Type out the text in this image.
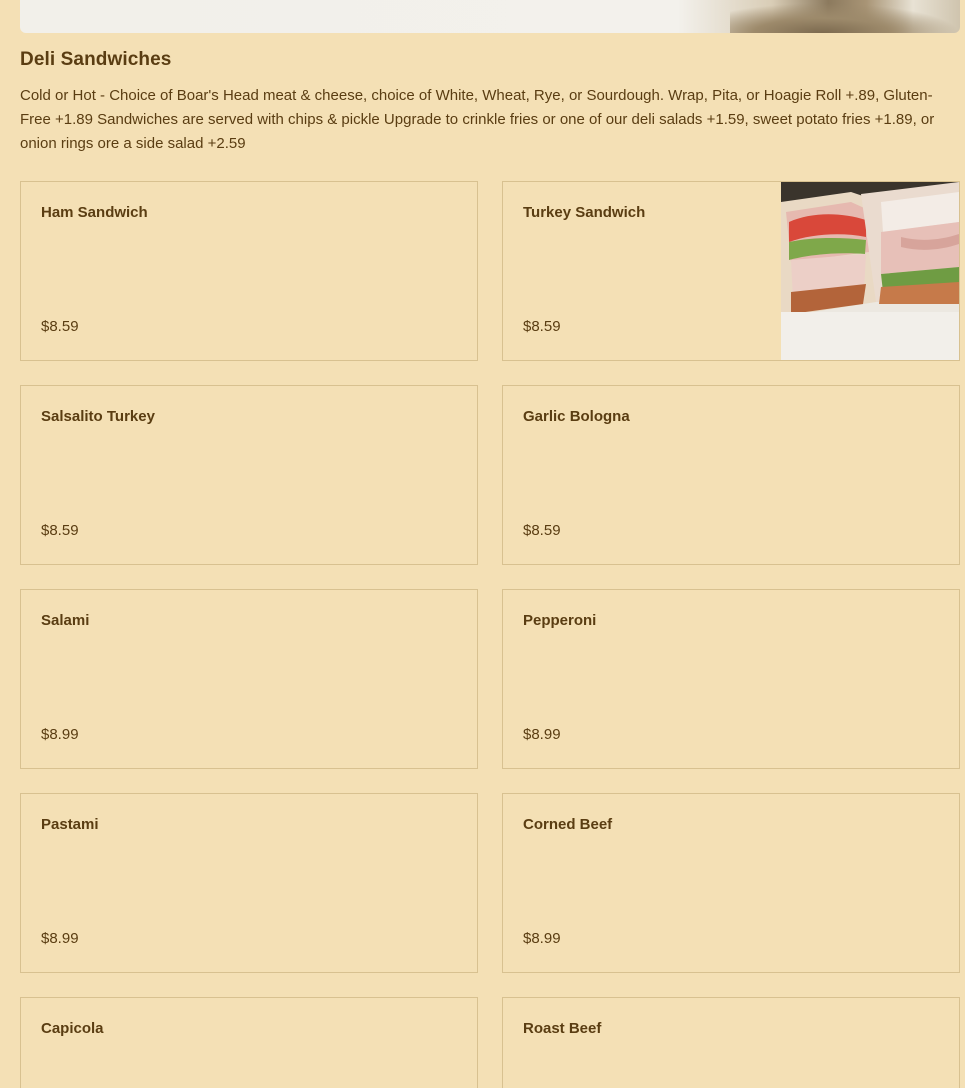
Deli Sandwiches

Cold or Hot - Choice of Boar's Head meat & cheese, choice of White, Wheat, Rye, or Sourdough. Wrap, Pita, or Hoagie Roll +.89, Gluten-Free +1.89 Sandwiches are served with chips & pickle Upgrade to crinkle fries or one of our deli salads +1.59, sweet potato fries +1.89, or onion rings ore a side salad +2.59

Ham Sandwich
$8.59
Turkey Sandwich
$8.59
Salsalito Turkey
$8.59
Garlic Bologna
$8.59
Salami
$8.99
Pepperoni
$8.99
Pastami
$8.99
Corned Beef
$8.99
Capicola	Roast Beef
